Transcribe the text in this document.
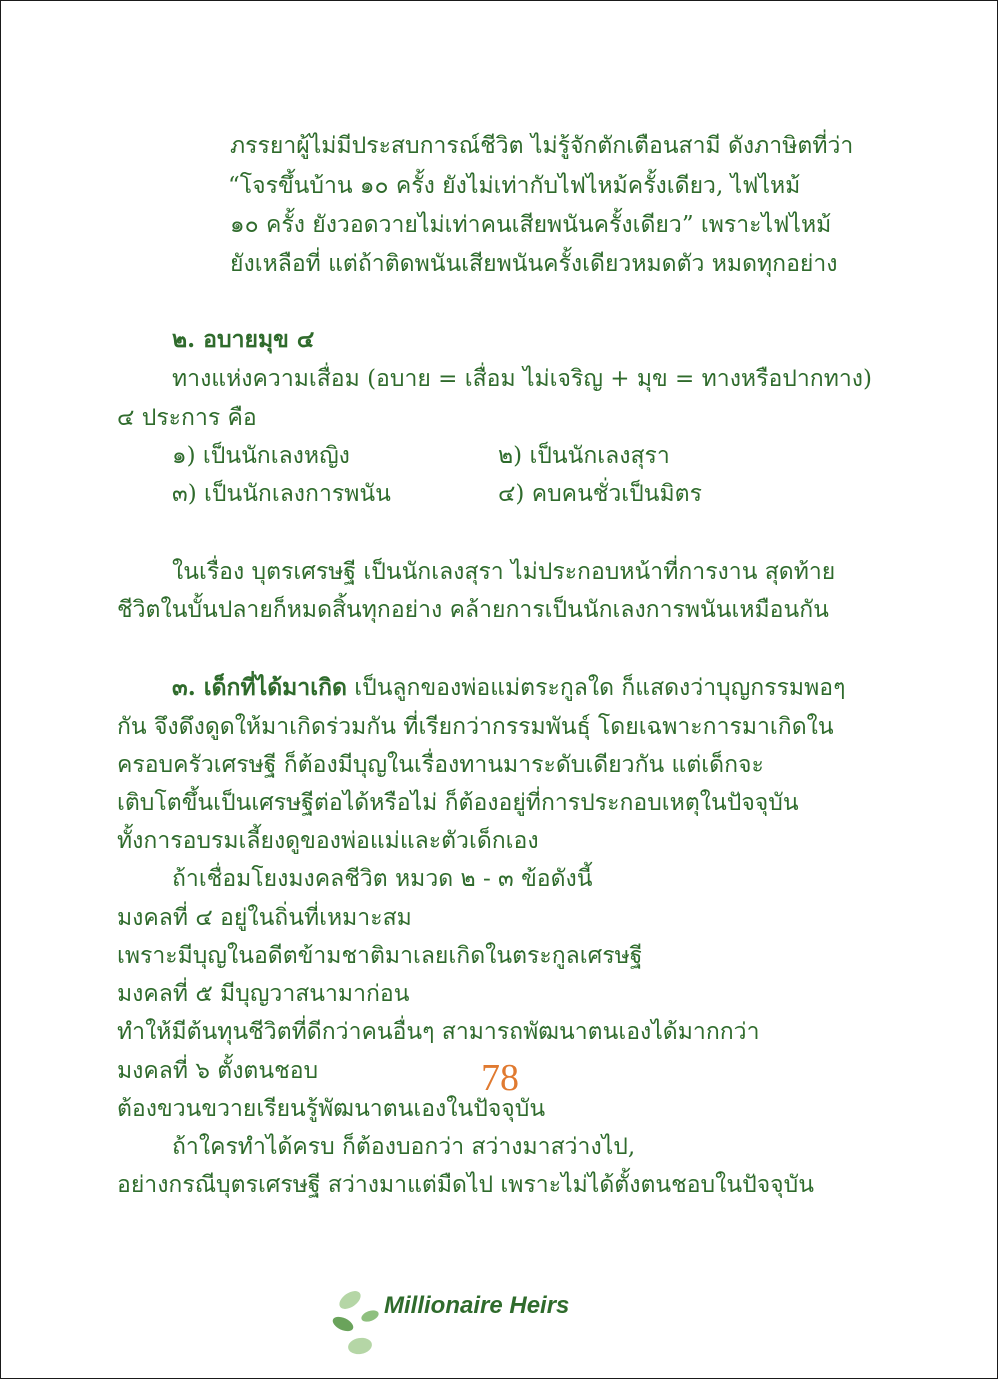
ภรรยาผู้ไม่มีประสบการณ์ชีวิต ไม่รู้จักตักเตือนสามี ดังภาษิตที่ว่า
“โจรขึ้นบ้าน ๑๐ ครั้ง ยังไม่เท่ากับไฟไหม้ครั้งเดียว, ไฟไหม้
๑๐ ครั้ง ยังวอดวายไม่เท่าคนเสียพนันครั้งเดียว” เพราะไฟไหม้
ยังเหลือที่ แต่ถ้าติดพนันเสียพนันครั้งเดียวหมดตัว หมดทุกอย่าง
๒. อบายมุข ๔
ทางแห่งความเสื่อม (อบาย = เสื่อม ไม่เจริญ + มุข = ทางหรือปากทาง)
๔ ประการ คือ
๑) เป็นนักเลงหญิง	๒) เป็นนักเลงสุรา
๓) เป็นนักเลงการพนัน	๔) คบคนชั่วเป็นมิตร
ในเรื่อง บุตรเศรษฐี เป็นนักเลงสุรา ไม่ประกอบหน้าที่การงาน สุดท้าย
ชีวิตในบั้นปลายก็หมดสิ้นทุกอย่าง คล้ายการเป็นนักเลงการพนันเหมือนกัน
๓. เด็กที่ได้มาเกิด เป็นลูกของพ่อแม่ตระกูลใด ก็แสดงว่าบุญกรรมพอๆ
กัน จึงดึงดูดให้มาเกิดร่วมกัน ที่เรียกว่ากรรมพันธุ์ โดยเฉพาะการมาเกิดใน
ครอบครัวเศรษฐี ก็ต้องมีบุญในเรื่องทานมาระดับเดียวกัน แต่เด็กจะ
เติบโตขึ้นเป็นเศรษฐีต่อได้หรือไม่ ก็ต้องอยู่ที่การประกอบเหตุในปัจจุบัน
ทั้งการอบรมเลี้ยงดูของพ่อแม่และตัวเด็กเอง
ถ้าเชื่อมโยงมงคลชีวิต หมวด ๒ - ๓ ข้อดังนี้
มงคลที่ ๔ อยู่ในถิ่นที่เหมาะสม
เพราะมีบุญในอดีตข้ามชาติมาเลยเกิดในตระกูลเศรษฐี
มงคลที่ ๕ มีบุญวาสนามาก่อน
ทำให้มีต้นทุนชีวิตที่ดีกว่าคนอื่นๆ สามารถพัฒนาตนเองได้มากกว่า
มงคลที่ ๖ ตั้งตนชอบ
ต้องขวนขวายเรียนรู้พัฒนาตนเองในปัจจุบัน
ถ้าใครทำได้ครบ ก็ต้องบอกว่า สว่างมาสว่างไป,
อย่างกรณีบุตรเศรษฐี สว่างมาแต่มืดไป เพราะไม่ได้ตั้งตนชอบในปัจจุบัน
78
Millionaire Heirs
